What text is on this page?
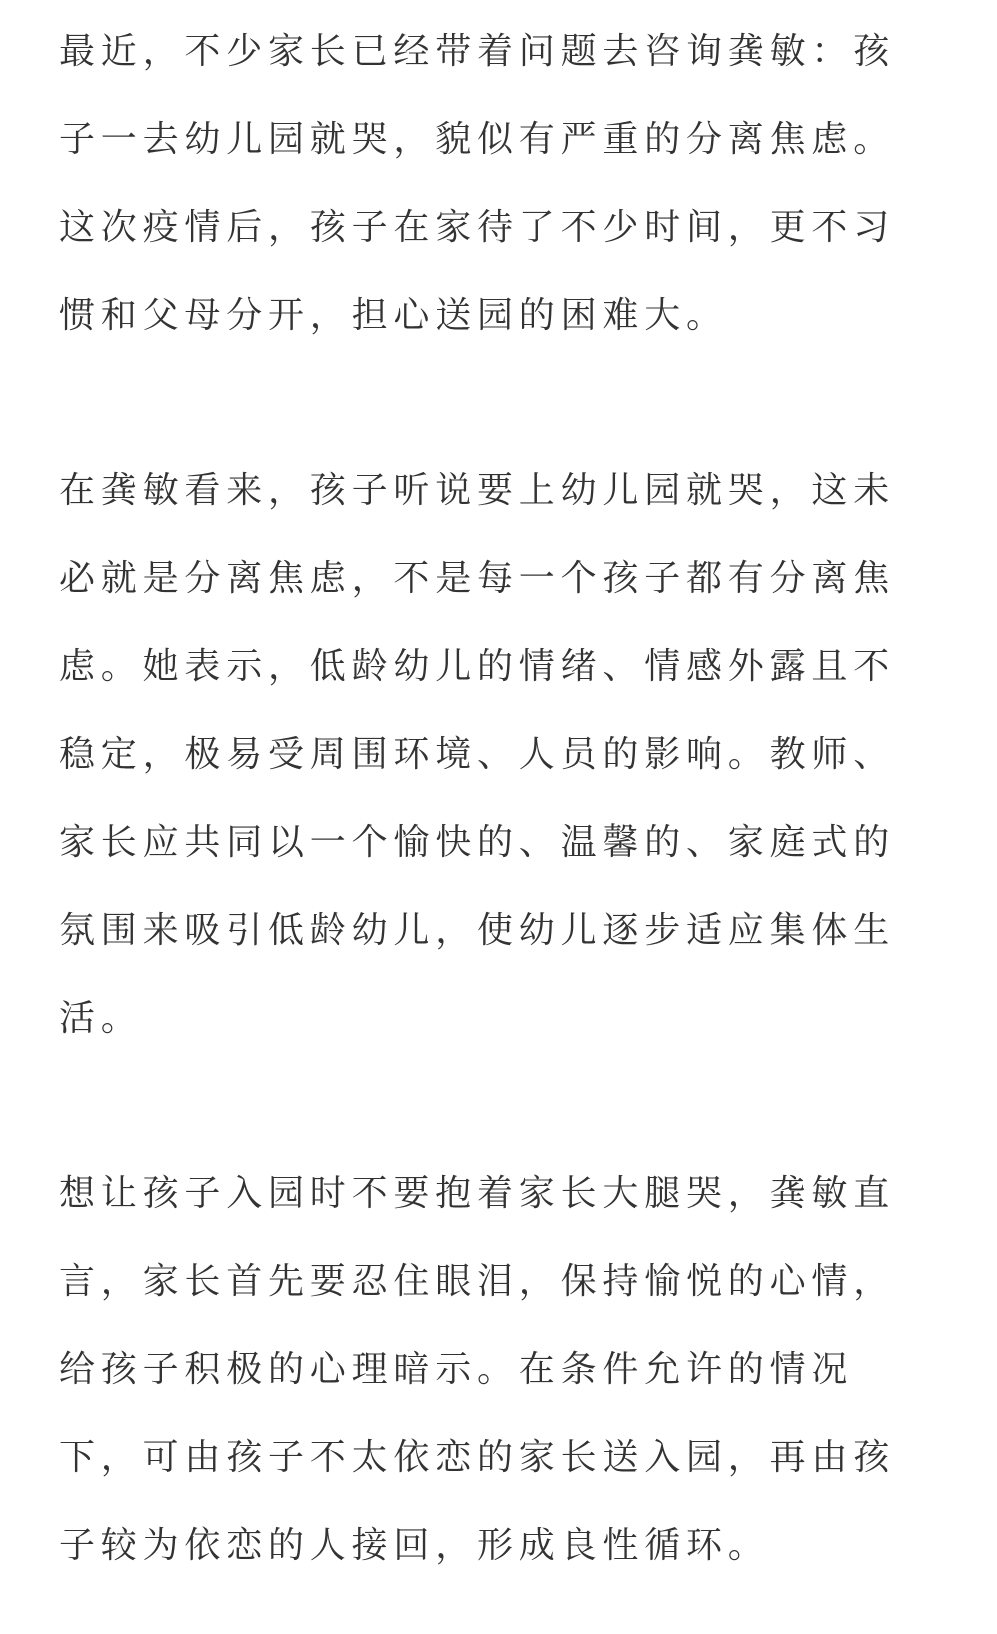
最近，不少家长已经带着问题去咨询龚敏：孩
子一去幼儿园就哭，貌似有严重的分离焦虑。
这次疫情后，孩子在家待了不少时间，更不习
惯和父母分开，担心送园的困难大。

在龚敏看来，孩子听说要上幼儿园就哭，这未
必就是分离焦虑，不是每一个孩子都有分离焦
虑。她表示，低龄幼儿的情绪、情感外露且不
稳定，极易受周围环境、人员的影响。教师、
家长应共同以一个愉快的、温馨的、家庭式的
氛围来吸引低龄幼儿，使幼儿逐步适应集体生
活。

想让孩子入园时不要抱着家长大腿哭，龚敏直
言，家长首先要忍住眼泪，保持愉悦的心情，
给孩子积极的心理暗示。在条件允许的情况
下，可由孩子不太依恋的家长送入园，再由孩
子较为依恋的人接回，形成良性循环。
